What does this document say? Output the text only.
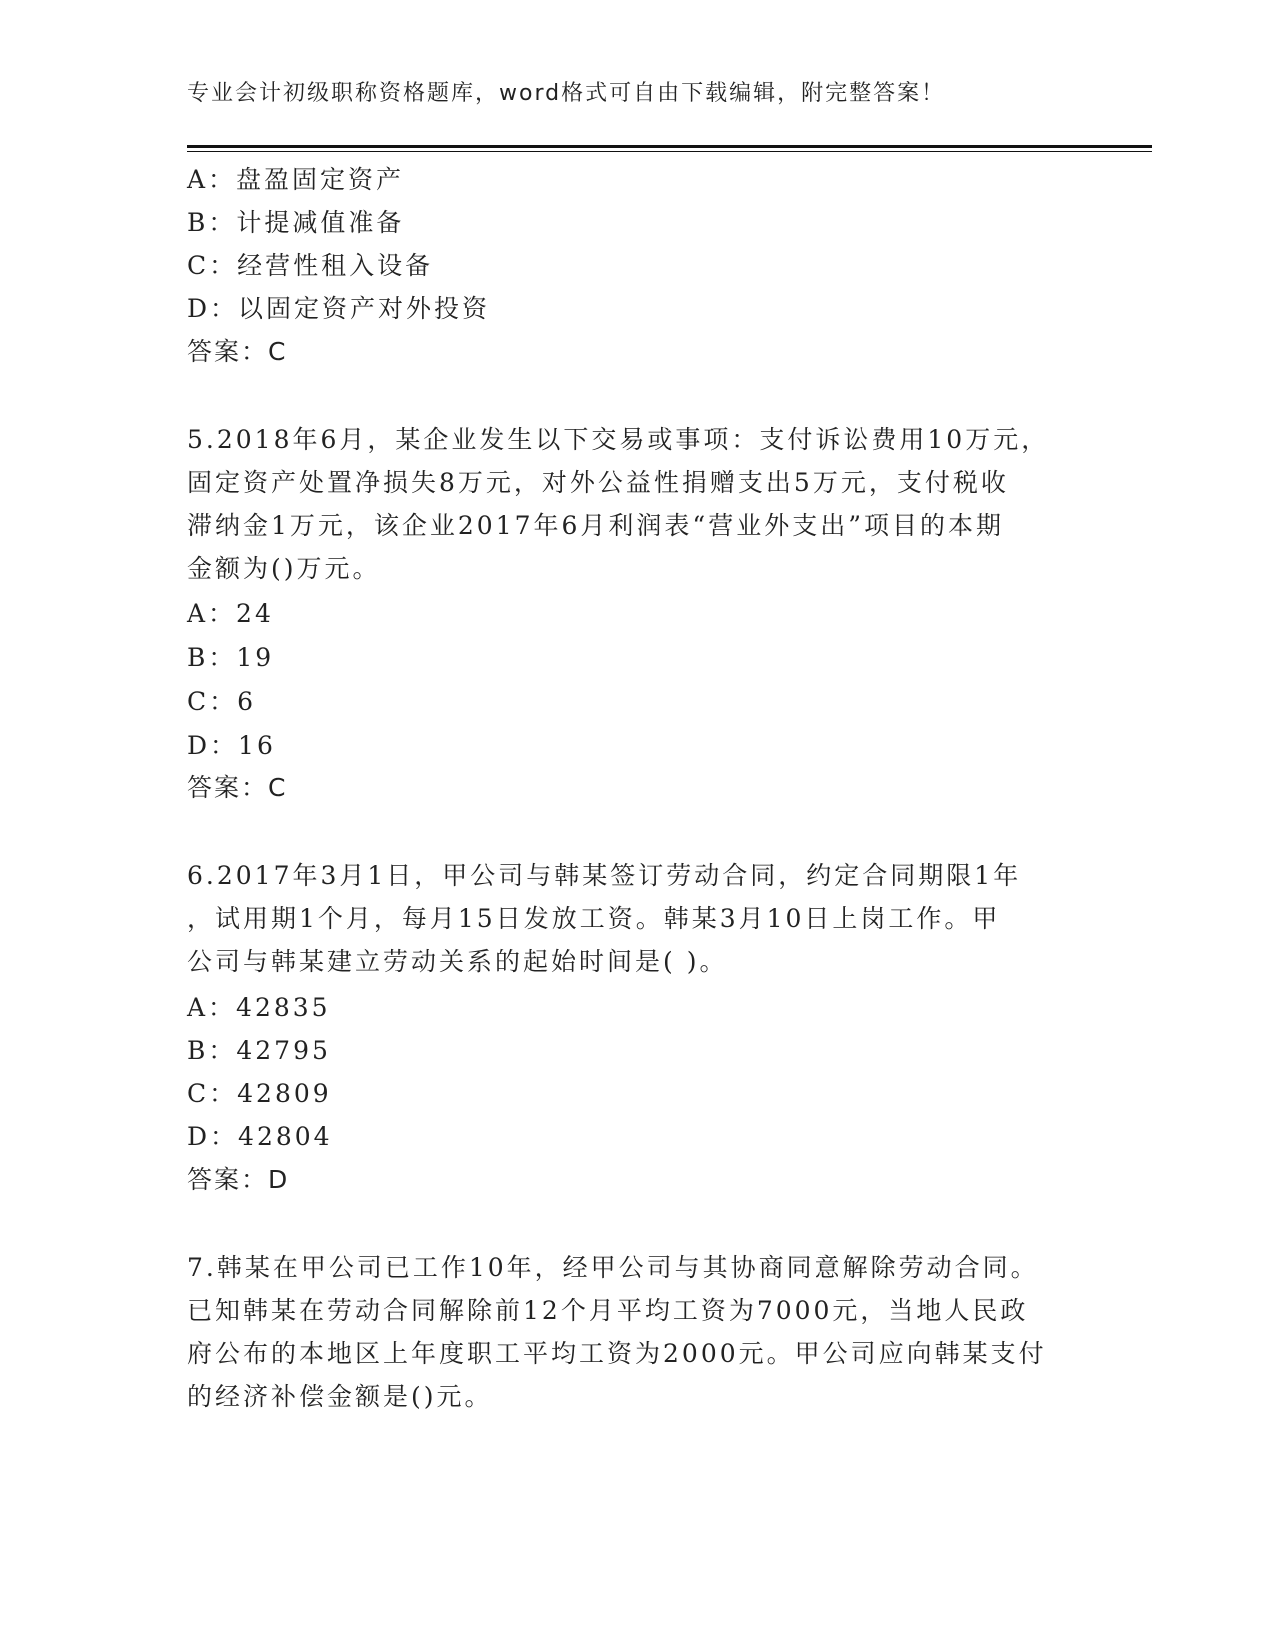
专业会计初级职称资格题库，word格式可自由下载编辑，附完整答案！
A：盘盈固定资产
B：计提减值准备
C：经营性租入设备
D：以固定资产对外投资
答案：C
5.2018年6月，某企业发生以下交易或事项：支付诉讼费用10万元，
固定资产处置净损失8万元，对外公益性捐赠支出5万元，支付税收
滞纳金1万元，该企业2017年6月利润表“营业外支出”项目的本期
金额为()万元。
A：24
B：19
C：6
D：16
答案：C
6.2017年3月1日，甲公司与韩某签订劳动合同，约定合同期限1年
，试用期1个月，每月15日发放工资。韩某3月10日上岗工作。甲
公司与韩某建立劳动关系的起始时间是( )。
A：42835
B：42795
C：42809
D：42804
答案：D
7.韩某在甲公司已工作10年，经甲公司与其协商同意解除劳动合同。
已知韩某在劳动合同解除前12个月平均工资为7000元，当地人民政
府公布的本地区上年度职工平均工资为2000元。甲公司应向韩某支付
的经济补偿金额是()元。
